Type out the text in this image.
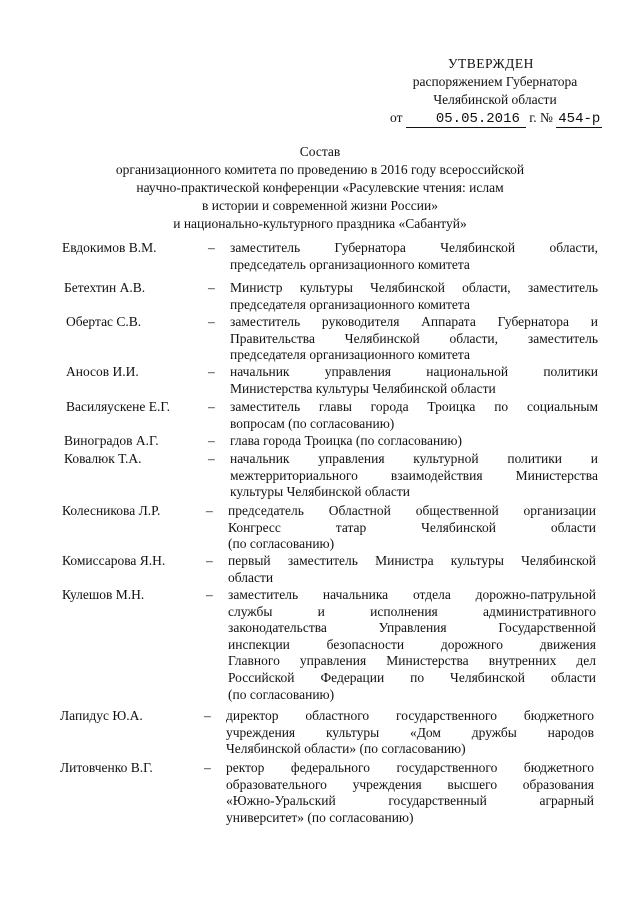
УТВЕРЖДЕН
распоряжением Губернатора
Челябинской области
от 05.05.2016 г. № 454-р
Состав
организационного комитета по проведению в 2016 году всероссийской
научно-практической конференции «Расулевские чтения: ислам
в истории и современной жизни России»
и национально-культурного праздника «Сабантуй»
Евдокимов В.М.	– заместитель Губернатора Челябинской области,
председатель организационного комитета
Бетехтин А.В.	– Министр культуры Челябинской области, заместитель
председателя организационного комитета
Обертас С.В.	– заместитель руководителя Аппарата Губернатора и
Правительства Челябинской области, заместитель
председателя организационного комитета
Аносов И.И.	– начальник управления национальной политики
Министерства культуры Челябинской области
Василяускене Е.Г.	– заместитель главы города Троицка по социальным
вопросам (по согласованию)
Виноградов А.Г.	– глава города Троицка (по согласованию)
Ковалюк Т.А.	– начальник управления культурной политики и
межтерриториального взаимодействия Министерства
культуры Челябинской области
Колесникова Л.Р.	– председатель Областной общественной организации
Конгресс татар Челябинской области
(по согласованию)
Комиссарова Я.Н.	– первый заместитель Министра культуры Челябинской
области
Кулешов М.Н.	– заместитель начальника отдела дорожно-патрульной
службы и исполнения административного
законодательства Управления Государственной
инспекции безопасности дорожного движения
Главного управления Министерства внутренних дел
Российской Федерации по Челябинской области
(по согласованию)
Лапидус Ю.А.	– директор областного государственного бюджетного
учреждения культуры «Дом дружбы народов
Челябинской области» (по согласованию)
Литовченко В.Г.	– ректор федерального государственного бюджетного
образовательного учреждения высшего образования
«Южно-Уральский государственный аграрный
университет» (по согласованию)
